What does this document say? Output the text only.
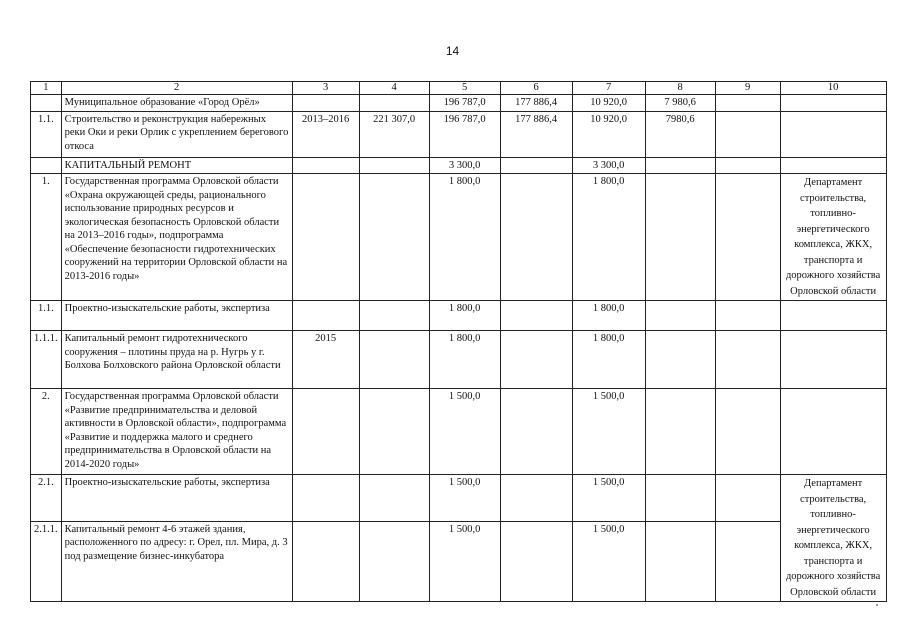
14
1	2	3	4	5	6	7	8	9	10
	Муниципальное образование «Город Орёл»			196 787,0	177 886,4	10 920,0	7 980,6		
1.1.	Строительство и реконструкция набережных реки Оки и реки Орлик с укреплением берегового откоса	2013–2016	221 307,0	196 787,0	177 886,4	10 920,0	7980,6		
	КАПИТАЛЬНЫЙ РЕМОНТ			3 300,0		3 300,0			
1.	Государственная программа Орловской области «Охрана окружающей среды, рационального использование природных ресурсов и экологическая безопасность Орловской области на 2013–2016 годы», подпрограмма «Обеспечение безопасности гидротехнических сооружений на территории Орловской области на 2013-2016 годы»			1 800,0		1 800,0			Департамент строительства, топливно-энергетического комплекса, ЖКХ, транспорта и дорожного хозяйства Орловской области
1.1.	Проектно-изыскательские работы, экспертиза			1 800,0		1 800,0			
1.1.1.	Капитальный ремонт гидротехнического сооружения – плотины пруда на р. Нугрь у г. Болхова Болховского района Орловской области	2015		1 800,0		1 800,0			
2.	Государственная программа Орловской области «Развитие предпринимательства и деловой активности в Орловской области», подпрограмма «Развитие и поддержка малого и среднего предпринимательства в Орловской области на 2014-2020 годы»			1 500,0		1 500,0			
2.1.	Проектно-изыскательские работы, экспертиза			1 500,0		1 500,0			Департамент строительства, топливно-энергетического комплекса, ЖКХ, транспорта и дорожного хозяйства Орловской области
2.1.1.	Капитальный ремонт 4-6 этажей здания, расположенного по адресу: г. Орел, пл. Мира, д. 3 под размещение бизнес-инкубатора			1 500,0		1 500,0			
